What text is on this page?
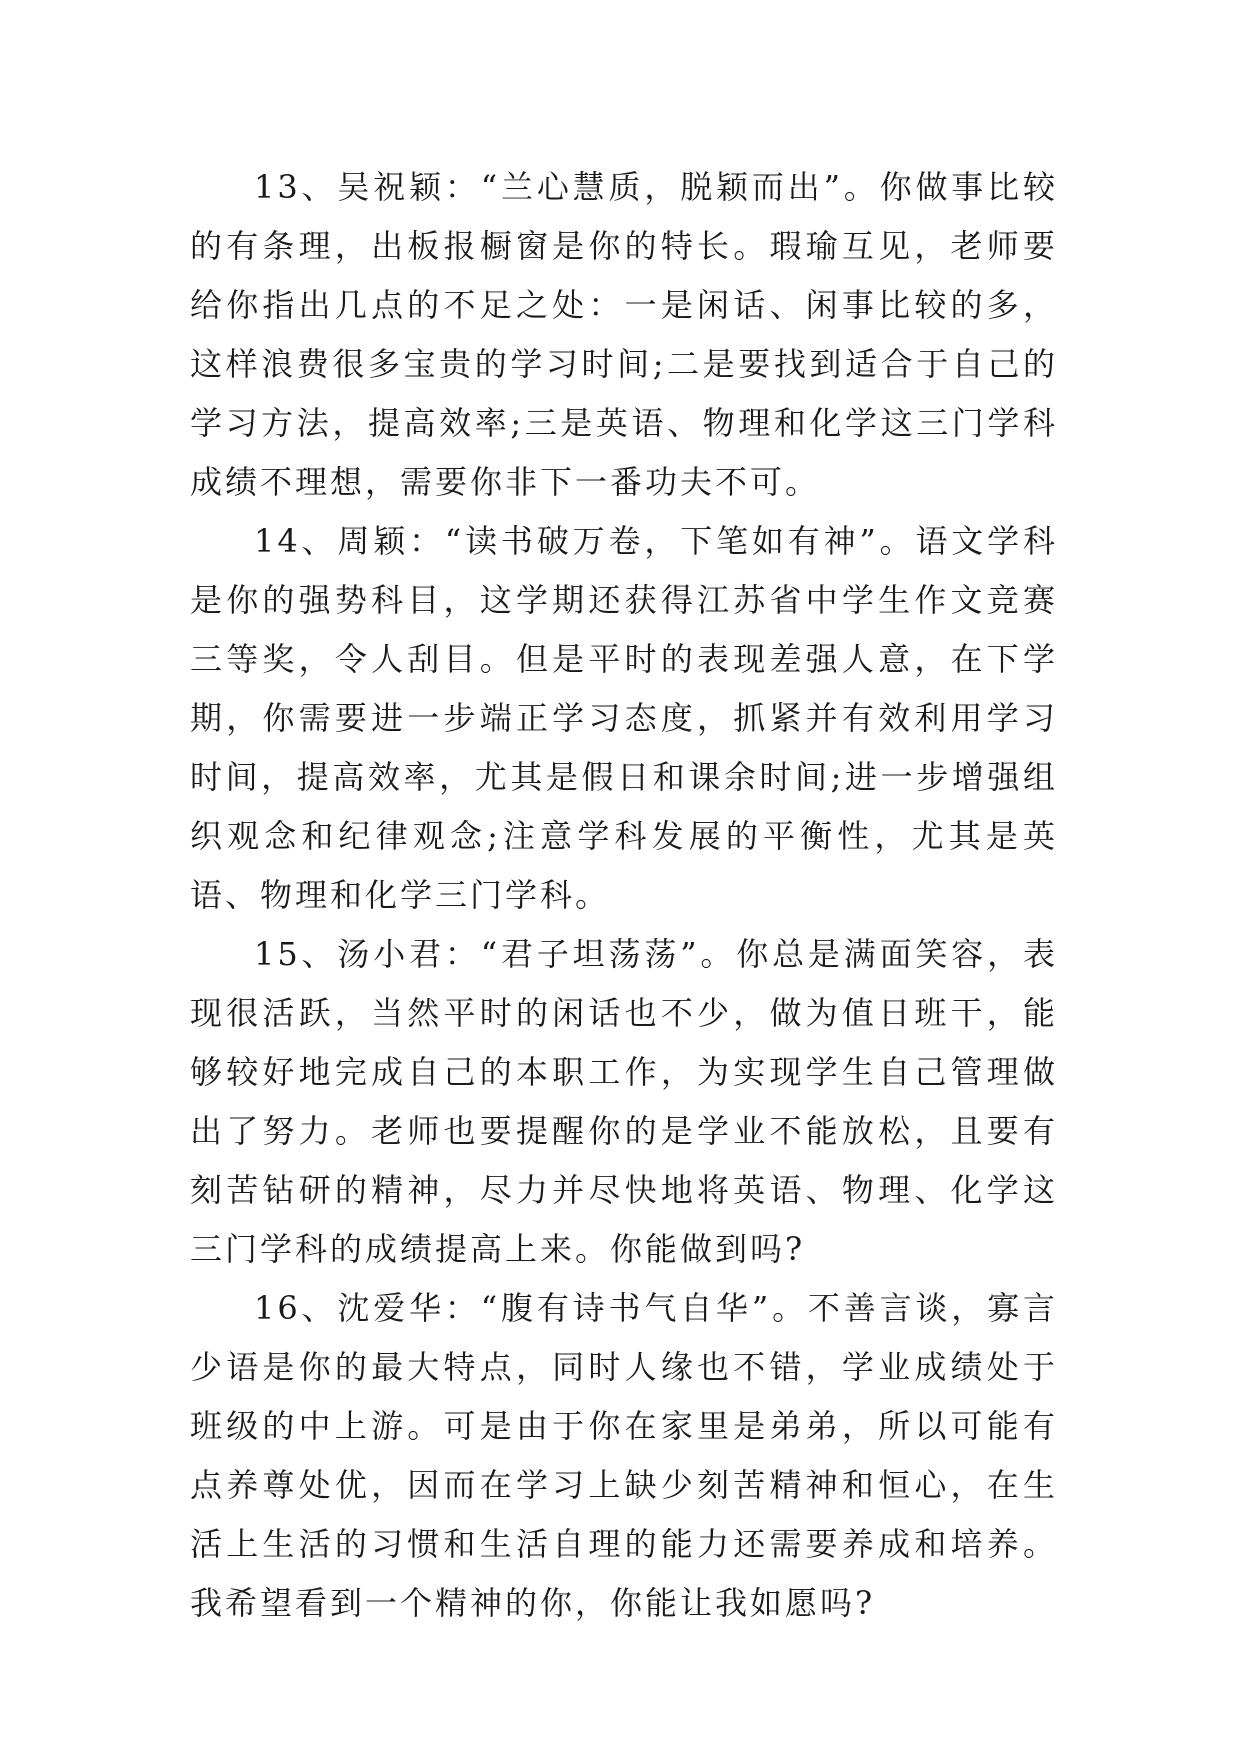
13、吴祝颖：“兰心慧质，脱颖而出”。你做事比较的有条理，出板报橱窗是你的特长。瑕瑜互见，老师要给你指出几点的不足之处：一是闲话、闲事比较的多，这样浪费很多宝贵的学习时间;二是要找到适合于自己的学习方法，提高效率;三是英语、物理和化学这三门学科成绩不理想，需要你非下一番功夫不可。

14、周颖：“读书破万卷，下笔如有神”。语文学科是你的强势科目，这学期还获得江苏省中学生作文竞赛三等奖，令人刮目。但是平时的表现差强人意，在下学期，你需要进一步端正学习态度，抓紧并有效利用学习时间，提高效率，尤其是假日和课余时间;进一步增强组织观念和纪律观念;注意学科发展的平衡性，尤其是英语、物理和化学三门学科。

15、汤小君：“君子坦荡荡”。你总是满面笑容，表现很活跃，当然平时的闲话也不少，做为值日班干，能够较好地完成自己的本职工作，为实现学生自己管理做出了努力。老师也要提醒你的是学业不能放松，且要有刻苦钻研的精神，尽力并尽快地将英语、物理、化学这三门学科的成绩提高上来。你能做到吗?

16、沈爱华：“腹有诗书气自华”。不善言谈，寡言少语是你的最大特点，同时人缘也不错，学业成绩处于班级的中上游。可是由于你在家里是弟弟，所以可能有点养尊处优，因而在学习上缺少刻苦精神和恒心，在生活上生活的习惯和生活自理的能力还需要养成和培养。我希望看到一个精神的你，你能让我如愿吗?
